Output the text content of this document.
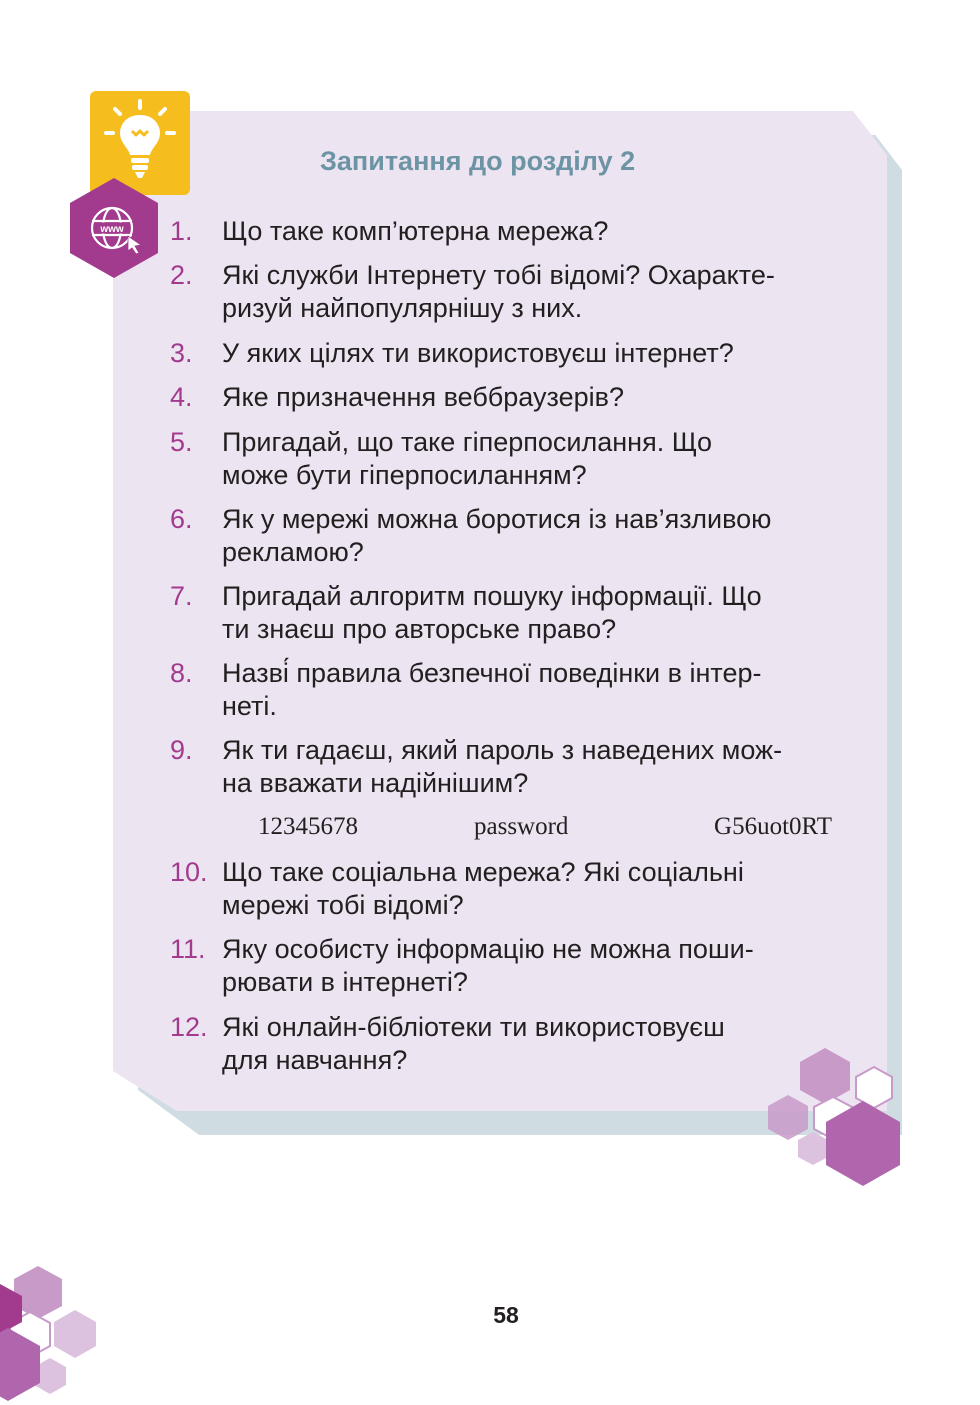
www
Запитання до розділу 2
1. Що таке комп’ютерна мережа?
2. Які служби Інтернету тобі відомі? Охаракте-
ризуй найпопулярнішу з них.
3. У яких цілях ти використовуєш інтернет?
4. Яке призначення веббраузерів?
5. Пригадай, що таке гіперпосилання. Що
може бути гіперпосиланням?
6. Як у мережі можна боротися із нав’язливою
рекламою?
7. Пригадай алгоритм пошуку інформації. Що
ти знаєш про авторське право?
8. Назві́ правила безпечної поведінки в інтер-
неті.
9. Як ти гадаєш, який пароль з наведених мож-
на вважати надійнішим?
12345678	password	G56uot0RT
10. Що таке соціальна мережа? Які соціальні
мережі тобі відомі?
11. Яку особисту інформацію не можна поши-
рювати в інтернеті?
12. Які онлайн-бібліотеки ти використовуєш
для навчання?
58
